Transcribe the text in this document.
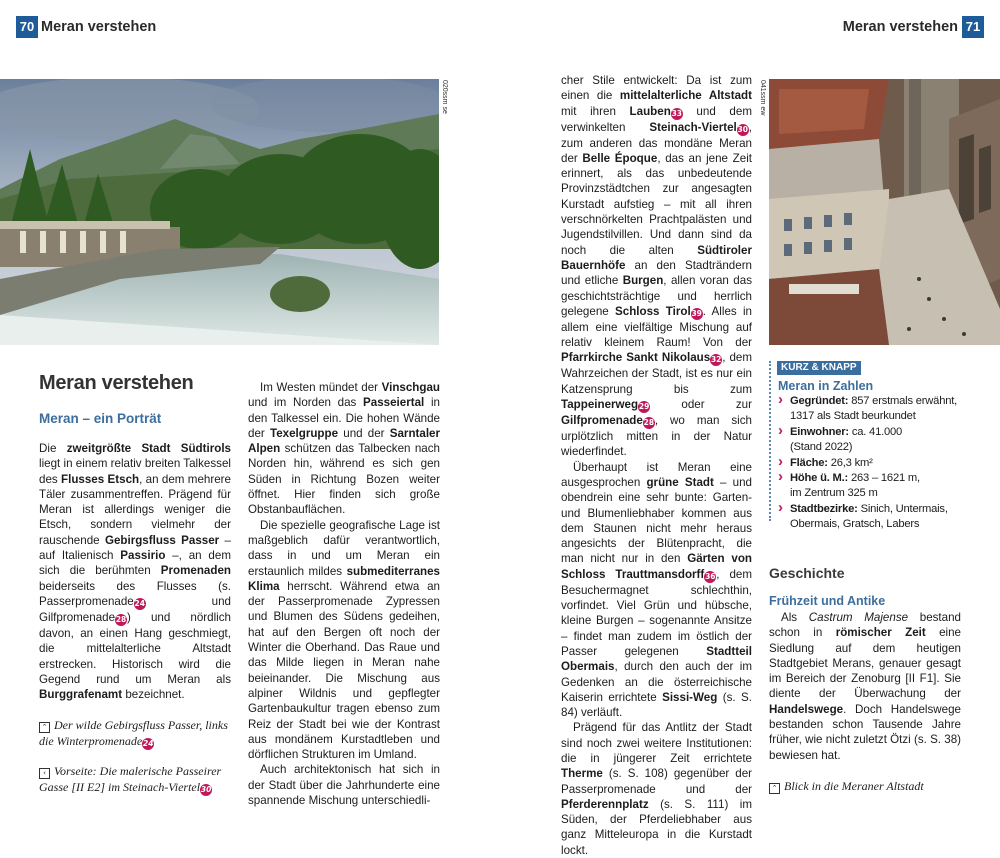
70 Meran verstehen	Meran verstehen 71
020ssm se	041ssm ew
Meran verstehen
Meran – ein Porträt

Die zweitgrößte Stadt Südtirols liegt in einem relativ breiten Talkessel des Flusses Etsch, an dem mehrere Täler zusammentreffen. Prägend für Meran ist allerdings weniger die Etsch, sondern vielmehr der rauschende Gebirgsfluss Passer – auf Italienisch Passirio –, an dem sich die berühmten Promenaden beiderseits des Flusses (s. Passerpromenade24 und Gilfpromenade28) und nördlich davon, an einen Hang geschmiegt, die mittelalterliche Altstadt erstrecken. Historisch wird die Gegend rund um Meran als Burggrafenamt bezeichnet.

⌃ Der wilde Gebirgsfluss Passer, links die Winterpromenade24
‹ Vorseite: Die malerische Passeirer Gasse [II E2] im Steinach-Viertel30

Im Westen mündet der Vinschgau und im Norden das Passeiertal in den Talkessel ein. Die hohen Wände der Texelgruppe und der Sarntaler Alpen schützen das Talbecken nach Norden hin, während es sich gen Süden in Richtung Bozen weiter öffnet. Hier finden sich große Obstanbauflächen.

Die spezielle geografische Lage ist maßgeblich dafür verantwortlich, dass in und um Meran ein erstaunlich mildes submediterranes Klima herrscht. Während etwa an der Passerpromenade Zypressen und Blumen des Südens gedeihen, hat auf den Bergen oft noch der Winter die Oberhand. Das Raue und das Milde liegen in Meran nahe beieinander. Die Mischung aus alpiner Wildnis und gepflegter Gartenbaukultur tragen ebenso zum Reiz der Stadt bei wie der Kontrast aus mondänem Kurstadtleben und dörflichen Strukturen im Umland.

Auch architektonisch hat sich in der Stadt über die Jahrhunderte eine spannende Mischung unterschiedli-

cher Stile entwickelt: Da ist zum einen die mittelalterliche Altstadt mit ihren Lauben33 und dem verwinkelten Steinach-Viertel30, zum anderen das mondäne Meran der Belle Époque, das an jene Zeit erinnert, als das unbedeutende Provinzstädtchen zur angesagten Kurstadt aufstieg – mit all ihren verschnörkelten Prachtpalästen und Jugendstilvillen. Und dann sind da noch die alten Südtiroler Bauernhöfe an den Stadträndern und etliche Burgen, allen voran das geschichtsträchtige und herrlich gelegene Schloss Tirol39. Alles in allem eine vielfältige Mischung auf relativ kleinem Raum! Von der Pfarrkirche Sankt Nikolaus32, dem Wahrzeichen der Stadt, ist es nur ein Katzensprung bis zum Tappeinerweg29 oder zur Gilfpromenade28, wo man sich urplötzlich mitten in der Natur wiederfindet.

Überhaupt ist Meran eine ausgesprochen grüne Stadt – und obendrein eine sehr bunte: Garten- und Blumenliebhaber kommen aus dem Staunen nicht mehr heraus angesichts der Blütenpracht, die man nicht nur in den Gärten von Schloss Trauttmansdorff36, dem Besuchermagnet schlechthin, vorfindet. Viel Grün und hübsche, kleine Burgen – sogenannte Ansitze – findet man zudem im östlich der Passer gelegenen Stadtteil Obermais, durch den auch der im Gedenken an die österreichische Kaiserin errichtete Sissi-Weg (s. S. 84) verläuft.

Prägend für das Antlitz der Stadt sind noch zwei weitere Institutionen: die in jüngerer Zeit errichtete Therme (s. S. 108) gegenüber der Passerpromenade und der Pferderennplatz (s. S. 111) im Süden, der Pferdeliebhaber aus ganz Mitteleuropa in die Kurstadt lockt.

KURZ & KNAPP
Meran in Zahlen
› Gegründet: 857 erstmals erwähnt,
1317 als Stadt beurkundet
› Einwohner: ca. 41.000
(Stand 2022)
› Fläche: 26,3 km²
› Höhe ü. M.: 263 – 1621 m,
im Zentrum 325 m
› Stadtbezirke: Sinich, Untermais,
Obermais, Gratsch, Labers
Geschichte
Frühzeit und Antike

Als Castrum Majense bestand schon in römischer Zeit eine Siedlung auf dem heutigen Stadtgebiet Merans, genauer gesagt im Bereich der Zenoburg [II F1]. Sie diente der Überwachung der Handelswege. Doch Handelswege bestanden schon Tausende Jahre früher, wie nicht zuletzt Ötzi (s. S. 38) bewiesen hat.

⌃ Blick in die Meraner Altstadt
